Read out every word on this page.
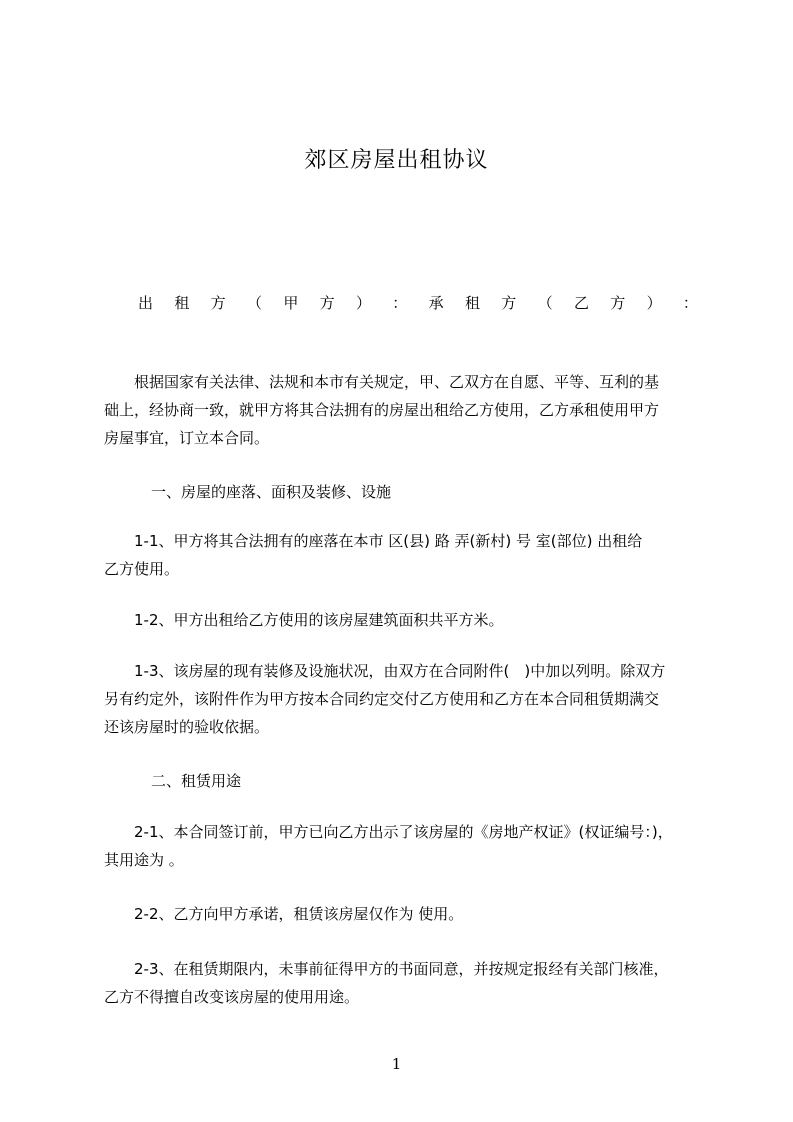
郊区房屋出租协议
出 租 方 （ 甲 方 ） ： 承 租 方 （ 乙 方 ） ：

　　根据国家有关法律、法规和本市有关规定，甲、乙双方在自愿、平等、互利的基
础上，经协商一致，就甲方将其合法拥有的房屋出租给乙方使用，乙方承租使用甲方
房屋事宜，订立本合同。

　一、房屋的座落、面积及装修、设施

　　1-1、甲方将其合法拥有的座落在本市 区(县) 路 弄(新村) 号 室(部位) 出租给
乙方使用。

　　1-2、甲方出租给乙方使用的该房屋建筑面积共平方米。

　　1-3、该房屋的现有装修及设施状况，由双方在合同附件(　)中加以列明。除双方
另有约定外，该附件作为甲方按本合同约定交付乙方使用和乙方在本合同租赁期满交
还该房屋时的验收依据。

　二、租赁用途

　　2-1、本合同签订前，甲方已向乙方出示了该房屋的《房地产权证》(权证编号：)，
其用途为 。

　　2-2、乙方向甲方承诺，租赁该房屋仅作为 使用。

　　2-3、在租赁期限内，未事前征得甲方的书面同意，并按规定报经有关部门核准，
乙方不得擅自改变该房屋的使用用途。

1
